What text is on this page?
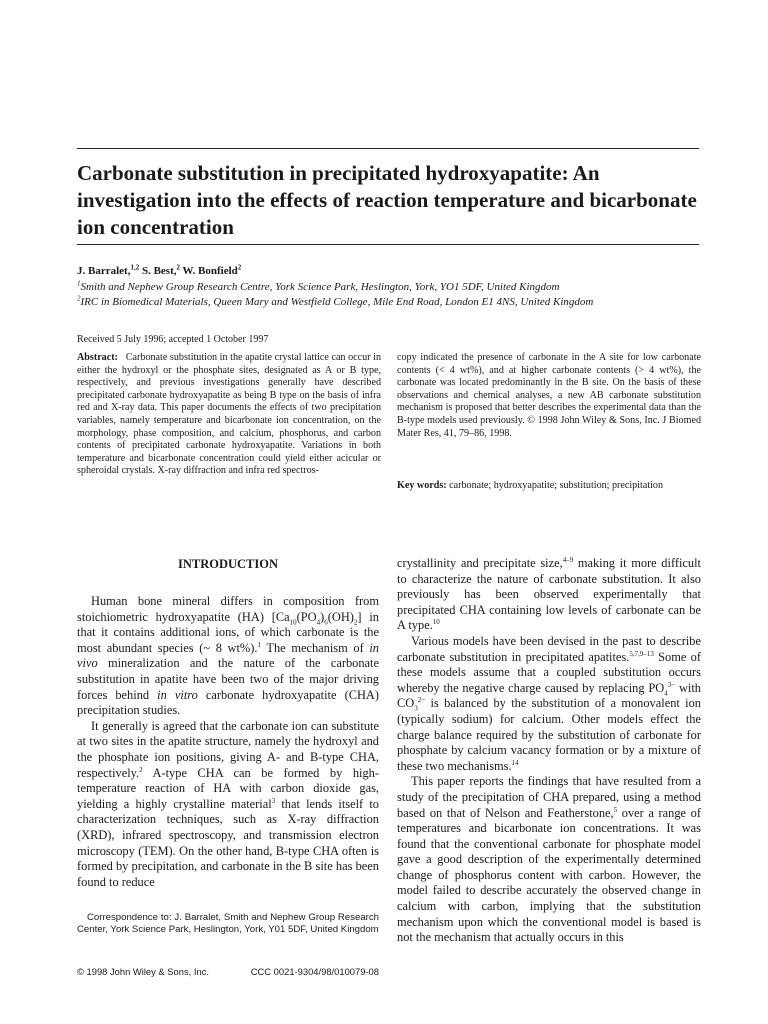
Carbonate substitution in precipitated hydroxyapatite: An investigation into the effects of reaction temperature and bicarbonate ion concentration
J. Barralet,$^{1,2}$ S. Best,$^2$ W. Bonfield$^2$
$^1$Smith and Nephew Group Research Centre, York Science Park, Heslington, York, YO1 5DF, United Kingdom
$^2$IRC in Biomedical Materials, Queen Mary and Westfield College, Mile End Road, London E1 4NS, United Kingdom
Received 5 July 1996; accepted 1 October 1997

Abstract: Carbonate substitution in the apatite crystal lattice can occur in either the hydroxyl or the phosphate sites, designated as A or B type, respectively, and previous investigations generally have described precipitated carbonate hydroxyapatite as being B type on the basis of infra red and X-ray data. This paper documents the effects of two precipitation variables, namely temperature and bicarbonate ion concentration, on the morphology, phase composition, and calcium, phosphorus, and carbon contents of precipitated carbonate hydroxyapatite. Variations in both temperature and bicarbonate concentration could yield either acicular or spheroidal crystals. X-ray diffraction and infra red spectros-

copy indicated the presence of carbonate in the A site for low carbonate contents (< 4 wt%), and at higher carbonate contents (> 4 wt%), the carbonate was located predominantly in the B site. On the basis of these observations and chemical analyses, a new AB carbonate substitution mechanism is proposed that better describes the experimental data than the B-type models used previously. © 1998 John Wiley & Sons, Inc. J Biomed Mater Res, 41, 79–86, 1998.

Key words: carbonate; hydroxyapatite; substitution; precipitation
INTRODUCTION

Human bone mineral differs in composition from stoichiometric hydroxyapatite (HA) $[Ca_{10}(PO_4)_6(OH)_2]$ in that it contains additional ions, of which carbonate is the most abundant species (~ 8 wt%).$^1$ The mechanism of in vivo mineralization and the nature of the carbonate substitution in apatite have been two of the major driving forces behind in vitro carbonate hydroxyapatite (CHA) precipitation studies.

It generally is agreed that the carbonate ion can substitute at two sites in the apatite structure, namely the hydroxyl and the phosphate ion positions, giving A- and B-type CHA, respectively.$^2$ A-type CHA can be formed by high-temperature reaction of HA with carbon dioxide gas, yielding a highly crystalline material$^3$ that lends itself to characterization techniques, such as X-ray diffraction (XRD), infrared spectroscopy, and transmission electron microscopy (TEM). On the other hand, B-type CHA often is formed by precipitation, and carbonate in the B site has been found to reduce

crystallinity and precipitate size,$^{4-9}$ making it more difficult to characterize the nature of carbonate substitution. It also previously has been observed experimentally that precipitated CHA containing low levels of carbonate can be A type.$^{10}$

Various models have been devised in the past to describe carbonate substitution in precipitated apatites.$^{5,7,9-13}$ Some of these models assume that a coupled substitution occurs whereby the negative charge caused by replacing $PO_4^{3-}$ with $CO_3^{2-}$ is balanced by the substitution of a monovalent ion (typically sodium) for calcium. Other models effect the charge balance required by the substitution of carbonate for phosphate by calcium vacancy formation or by a mixture of these two mechanisms.$^{14}$

This paper reports the findings that have resulted from a study of the precipitation of CHA prepared, using a method based on that of Nelson and Featherstone,$^5$ over a range of temperatures and bicarbonate ion concentrations. It was found that the conventional carbonate for phosphate model gave a good description of the experimentally determined change of phosphorus content with carbon. However, the model failed to describe accurately the observed change in calcium with carbon, implying that the substitution mechanism upon which the conventional model is based is not the mechanism that actually occurs in this

Correspondence to: J. Barralet, Smith and Nephew Group Research Center, York Science Park, Heslington, York, Y01 5DF, United Kingdom
© 1998 John Wiley & Sons, Inc.	CCC 0021-9304/98/010079-08
